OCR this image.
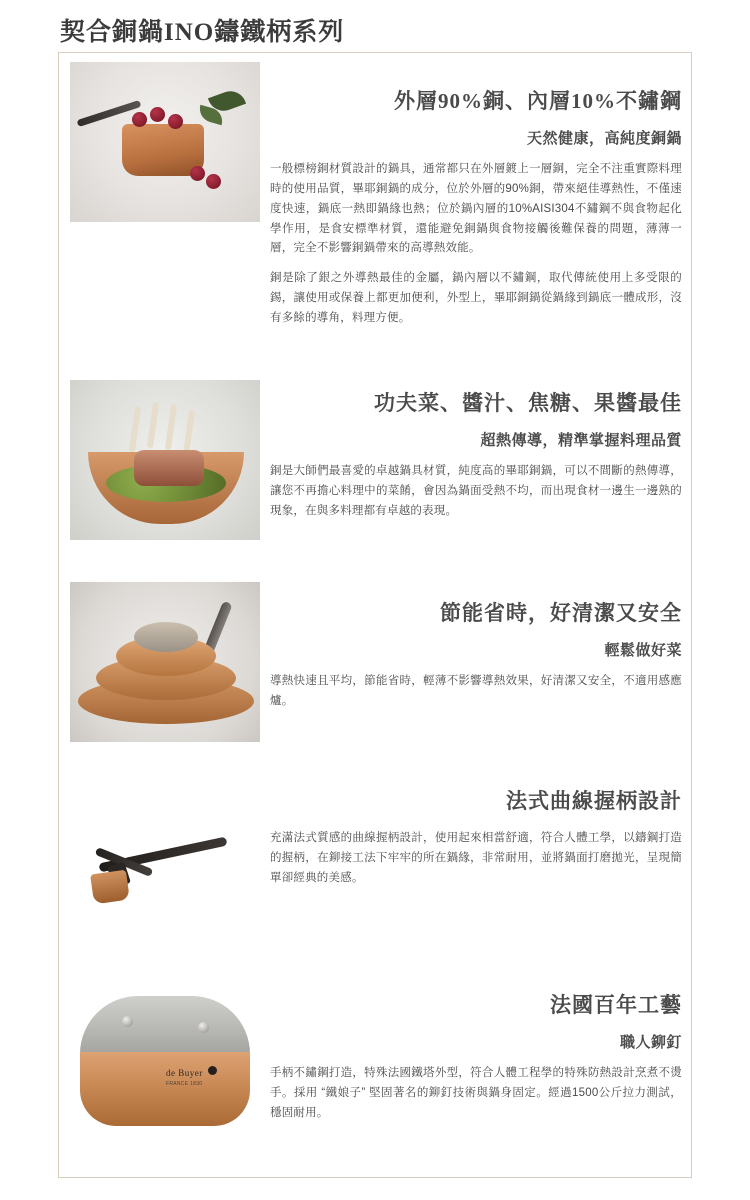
契合銅鍋INO鑄鐵柄系列
外層90%銅、內層10%不鏽鋼
天然健康，高純度銅鍋
一般標榜銅材質設計的鍋具，通常都只在外層鍍上一層銅，完全不注重實際料理時的使用品質，畢耶銅鍋的成分，位於外層的90%銅，帶來絕佳導熱性，不僅速度快速，鍋底一熱即鍋緣也熱；位於鍋內層的10%AISI304不鏽鋼不與食物起化學作用，是食安標準材質，還能避免銅鍋與食物接觸後難保養的問題，薄薄一層，完全不影響銅鍋帶來的高導熱效能。
銅是除了銀之外導熱最佳的金屬，鍋內層以不鏽鋼，取代傳統使用上多受限的錫，讓使用或保養上都更加便利，外型上，畢耶銅鍋從鍋緣到鍋底一體成形，沒有多餘的導角，料理方便。
功夫菜、醬汁、焦糖、果醬最佳
超熱傳導，精準掌握料理品質
銅是大師們最喜愛的卓越鍋具材質，純度高的畢耶銅鍋，可以不間斷的熱傳導，讓您不再擔心料理中的菜餚，會因為鍋面受熱不均，而出現食材一邊生一邊熟的現象，在與多料理都有卓越的表現。
節能省時，好清潔又安全
輕鬆做好菜
導熱快速且平均，節能省時，輕薄不影響導熱效果，好清潔又安全，不適用感應爐。
法式曲線握柄設計
充滿法式質感的曲線握柄設計，使用起來相當舒適，符合人體工學，以鑄鋼打造的握柄，在鉚接工法下牢牢的所在鍋緣，非常耐用，並將鍋面打磨拋光，呈現簡單卻經典的美感。
de Buyer
FRANCE 1830
法國百年工藝
職人鉚釘
手柄不鏽鋼打造，特殊法國鐵塔外型，符合人體工程學的特殊防熱設計烹煮不燙手。採用 “鐵娘子” 堅固著名的鉚釘技術與鍋身固定。經過1500公斤拉力測試，穩固耐用。
